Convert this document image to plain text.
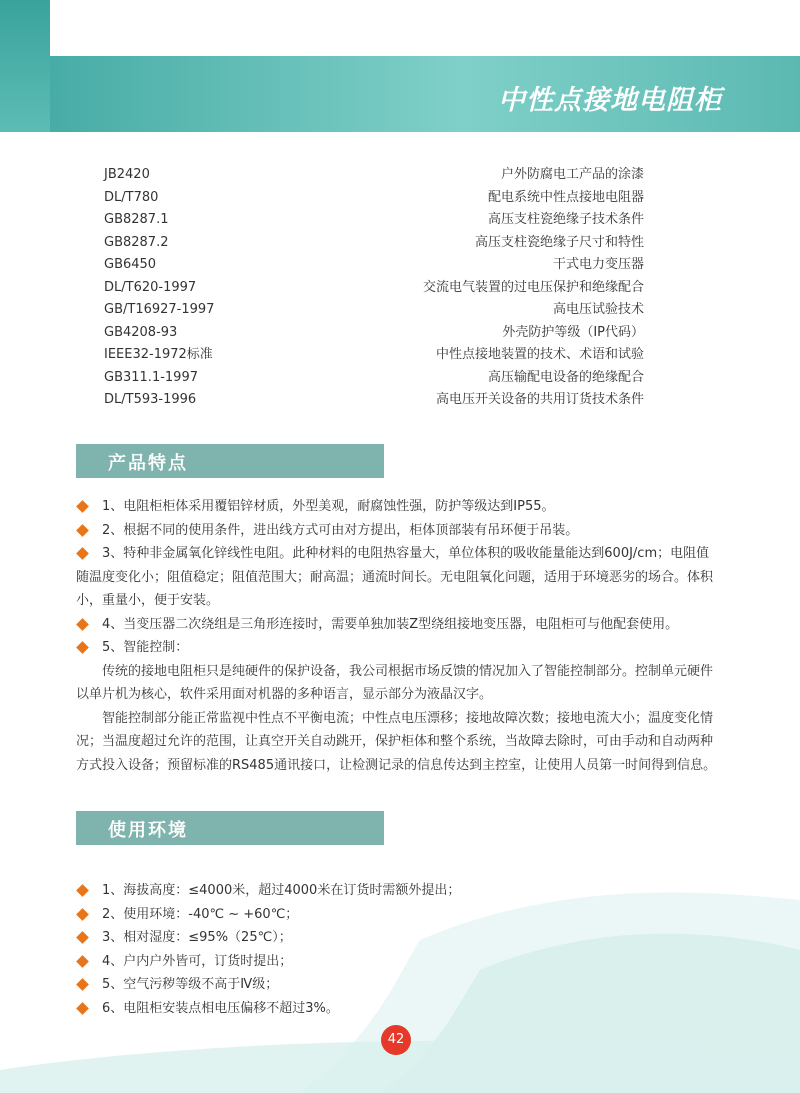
中性点接地电阻柜
JB2420	户外防腐电工产品的涂漆
DL/T780	配电系统中性点接地电阻器
GB8287.1	高压支柱瓷绝缘子技术条件
GB8287.2	高压支柱瓷绝缘子尺寸和特性
GB6450	干式电力变压器
DL/T620-1997	交流电气装置的过电压保护和绝缘配合
GB/T16927-1997	高电压试验技术
GB4208-93	外壳防护等级（IP代码）
IEEE32-1972标准	中性点接地装置的技术、术语和试验
GB311.1-1997	高压输配电设备的绝缘配合
DL/T593-1996	高电压开关设备的共用订货技术条件
产品特点
1、电阻柜柜体采用覆铝锌材质，外型美观，耐腐蚀性强，防护等级达到IP55。
2、根据不同的使用条件，进出线方式可由对方提出，柜体顶部装有吊环便于吊装。
3、特种非金属氧化锌线性电阻。此种材料的电阻热容量大，单位体积的吸收能量能达到600J/cm；电阻值
随温度变化小；阻值稳定；阻值范围大；耐高温；通流时间长。无电阻氧化问题，适用于环境恶劣的场合。体积
小，重量小，便于安装。
4、当变压器二次绕组是三角形连接时，需要单独加装Z型绕组接地变压器，电阻柜可与他配套使用。
5、智能控制：
传统的接地电阻柜只是纯硬件的保护设备，我公司根据市场反馈的情况加入了智能控制部分。控制单元硬件
以单片机为核心，软件采用面对机器的多种语言，显示部分为液晶汉字。
智能控制部分能正常监视中性点不平衡电流；中性点电压漂移；接地故障次数；接地电流大小；温度变化情
况；当温度超过允许的范围，让真空开关自动跳开，保护柜体和整个系统，当故障去除时，可由手动和自动两种
方式投入设备；预留标准的RS485通讯接口，让检测记录的信息传达到主控室，让使用人员第一时间得到信息。
使用环境
1、海拔高度：≤4000米，超过4000米在订货时需额外提出；
2、使用环境：-40℃ ~ +60℃；
3、相对湿度：≤95%（25℃）；
4、户内户外皆可，订货时提出；
5、空气污秽等级不高于Ⅳ级；
6、电阻柜安装点相电压偏移不超过3%。
42
